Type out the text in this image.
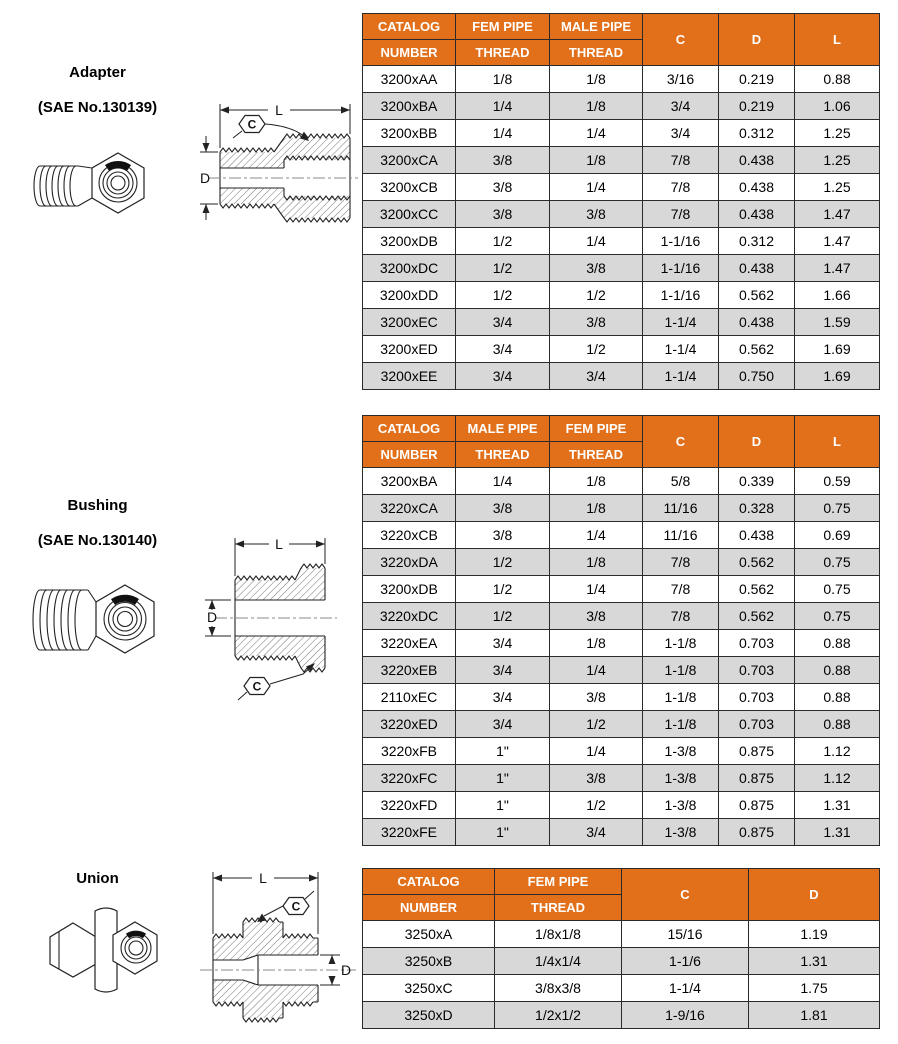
Adapter
(SAE No.130139)	L
D
C
CATALOG	FEM PIPE	MALE PIPE	C	D	L
NUMBER	THREAD	THREAD			
3200xAA	1/8	1/8	3/16	0.219	0.88
3200xBA	1/4	1/8	3/4	0.219	1.06
3200xBB	1/4	1/4	3/4	0.312	1.25
3200xCA	3/8	1/8	7/8	0.438	1.25
3200xCB	3/8	1/4	7/8	0.438	1.25
3200xCC	3/8	3/8	7/8	0.438	1.47
3200xDB	1/2	1/4	1-1/16	0.312	1.47
3200xDC	1/2	3/8	1-1/16	0.438	1.47
3200xDD	1/2	1/2	1-1/16	0.562	1.66
3200xEC	3/4	3/8	1-1/4	0.438	1.59
3200xED	3/4	1/2	1-1/4	0.562	1.69
3200xEE	3/4	3/4	1-1/4	0.750	1.69
Bushing
(SAE No.130140)	L
D
C
CATALOG	MALE PIPE	FEM PIPE	C	D	L
NUMBER	THREAD	THREAD			
3200xBA	1/4	1/8	5/8	0.339	0.59
3220xCA	3/8	1/8	11/16	0.328	0.75
3220xCB	3/8	1/4	11/16	0.438	0.69
3220xDA	1/2	1/8	7/8	0.562	0.75
3200xDB	1/2	1/4	7/8	0.562	0.75
3220xDC	1/2	3/8	7/8	0.562	0.75
3220xEA	3/4	1/8	1-1/8	0.703	0.88
3220xEB	3/4	1/4	1-1/8	0.703	0.88
2110xEC	3/4	3/8	1-1/8	0.703	0.88
3220xED	3/4	1/2	1-1/8	0.703	0.88
3220xFB	1"	1/4	1-3/8	0.875	1.12
3220xFC	1"	3/8	1-3/8	0.875	1.12
3220xFD	1"	1/2	1-3/8	0.875	1.31
3220xFE	1"	3/4	1-3/8	0.875	1.31
Union	L
C
D
CATALOG	FEM PIPE	C	D
NUMBER	THREAD		
3250xA	1/8x1/8	15/16	1.19
3250xB	1/4x1/4	1-1/6	1.31
3250xC	3/8x3/8	1-1/4	1.75
3250xD	1/2x1/2	1-9/16	1.81
